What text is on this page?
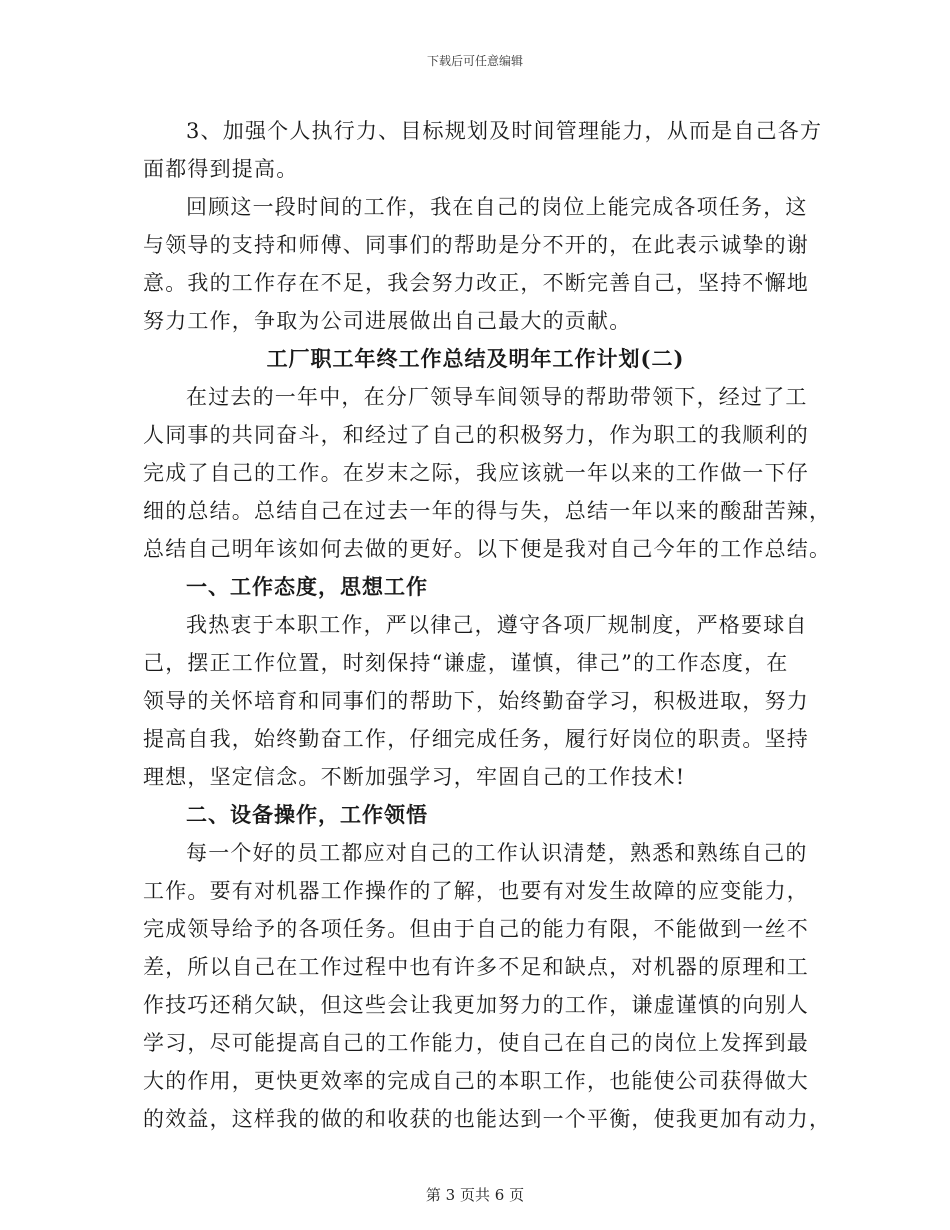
下载后可任意编辑
3、加强个人执行力、目标规划及时间管理能力，从而是自己各方
面都得到提高。
回顾这一段时间的工作，我在自己的岗位上能完成各项任务，这
与领导的支持和师傅、同事们的帮助是分不开的，在此表示诚挚的谢
意。我的工作存在不足，我会努力改正，不断完善自己，坚持不懈地
努力工作，争取为公司进展做出自己最大的贡献。
工厂职工年终工作总结及明年工作计划(二)
在过去的一年中，在分厂领导车间领导的帮助带领下，经过了工
人同事的共同奋斗，和经过了自己的积极努力，作为职工的我顺利的
完成了自己的工作。在岁末之际，我应该就一年以来的工作做一下仔
细的总结。总结自己在过去一年的得与失，总结一年以来的酸甜苦辣，
总结自己明年该如何去做的更好。以下便是我对自己今年的工作总结。
一、工作态度，思想工作
我热衷于本职工作，严以律己，遵守各项厂规制度，严格要球自
己，摆正工作位置，时刻保持“谦虚，谨慎，律己”的工作态度，在
领导的关怀培育和同事们的帮助下，始终勤奋学习，积极进取，努力
提高自我，始终勤奋工作，仔细完成任务，履行好岗位的职责。坚持
理想，坚定信念。不断加强学习，牢固自己的工作技术!
二、设备操作，工作领悟
每一个好的员工都应对自己的工作认识清楚，熟悉和熟练自己的
工作。要有对机器工作操作的了解，也要有对发生故障的应变能力，
完成领导给予的各项任务。但由于自己的能力有限，不能做到一丝不
差，所以自己在工作过程中也有许多不足和缺点，对机器的原理和工
作技巧还稍欠缺，但这些会让我更加努力的工作，谦虚谨慎的向别人
学习，尽可能提高自己的工作能力，使自己在自己的岗位上发挥到最
大的作用，更快更效率的完成自己的本职工作，也能使公司获得做大
的效益，这样我的做的和收获的也能达到一个平衡，使我更加有动力，
第 3 页共 6 页
